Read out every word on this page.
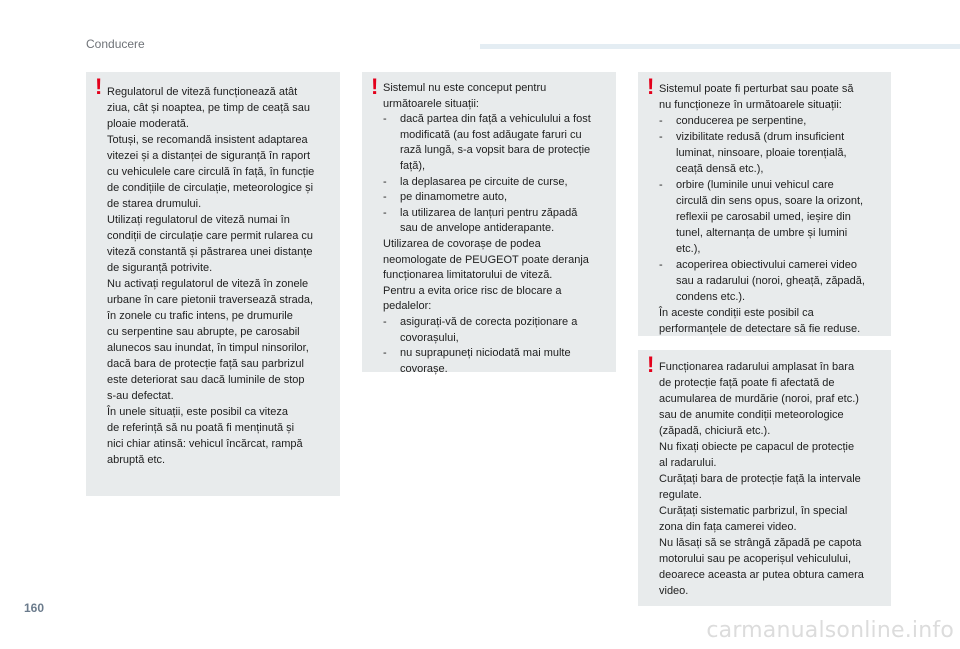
Conducere
! Regulatorul de viteză funcționează atât

ziua, cât și noaptea, pe timp de ceață sau

ploaie moderată.

Totuși, se recomandă insistent adaptarea

vitezei și a distanței de siguranță în raport

cu vehiculele care circulă în față, în funcție

de condițiile de circulație, meteorologice și

de starea drumului.

Utilizați regulatorul de viteză numai în

condiții de circulație care permit rularea cu

viteză constantă și păstrarea unei distanțe

de siguranță potrivite.

Nu activați regulatorul de viteză în zonele

urbane în care pietonii traversează strada,

în zonele cu trafic intens, pe drumurile

cu serpentine sau abrupte, pe carosabil

alunecos sau inundat, în timpul ninsorilor,

dacă bara de protecție față sau parbrizul

este deteriorat sau dacă luminile de stop

s-au defectat.

În unele situații, este posibil ca viteza

de referință să nu poată fi menținută și

nici chiar atinsă: vehicul încărcat, rampă

abruptă etc.

! Sistemul nu este conceput pentru

următoarele situații:

- dacă partea din față a vehiculului a fost

modificată (au fost adăugate faruri cu

rază lungă, s-a vopsit bara de protecție

față),

- la deplasarea pe circuite de curse,

- pe dinamometre auto,

- la utilizarea de lanțuri pentru zăpadă

sau de anvelope antiderapante.

Utilizarea de covorașe de podea

neomologate de PEUGEOT poate deranja

funcționarea limitatorului de viteză.

Pentru a evita orice risc de blocare a

pedalelor:

- asigurați-vă de corecta poziționare a

covorașului,

- nu suprapuneți niciodată mai multe

covorașe.

! Sistemul poate fi perturbat sau poate să

nu funcționeze în următoarele situații:

- conducerea pe serpentine,

- vizibilitate redusă (drum insuficient

luminat, ninsoare, ploaie torențială,

ceață densă etc.),

- orbire (luminile unui vehicul care

circulă din sens opus, soare la orizont,

reflexii pe carosabil umed, ieșire din

tunel, alternanța de umbre și lumini

etc.),

- acoperirea obiectivului camerei video

sau a radarului (noroi, gheață, zăpadă,

condens etc.).

În aceste condiții este posibil ca

performanțele de detectare să fie reduse.

! Funcționarea radarului amplasat în bara

de protecție față poate fi afectată de

acumularea de murdărie (noroi, praf etc.)

sau de anumite condiții meteorologice

(zăpadă, chiciură etc.).

Nu fixați obiecte pe capacul de protecție

al radarului.

Curățați bara de protecție față la intervale

regulate.

Curățați sistematic parbrizul, în special

zona din fața camerei video.

Nu lăsați să se strângă zăpadă pe capota

motorului sau pe acoperișul vehiculului,

deoarece aceasta ar putea obtura camera

video.

160
carmanualsonline.info
